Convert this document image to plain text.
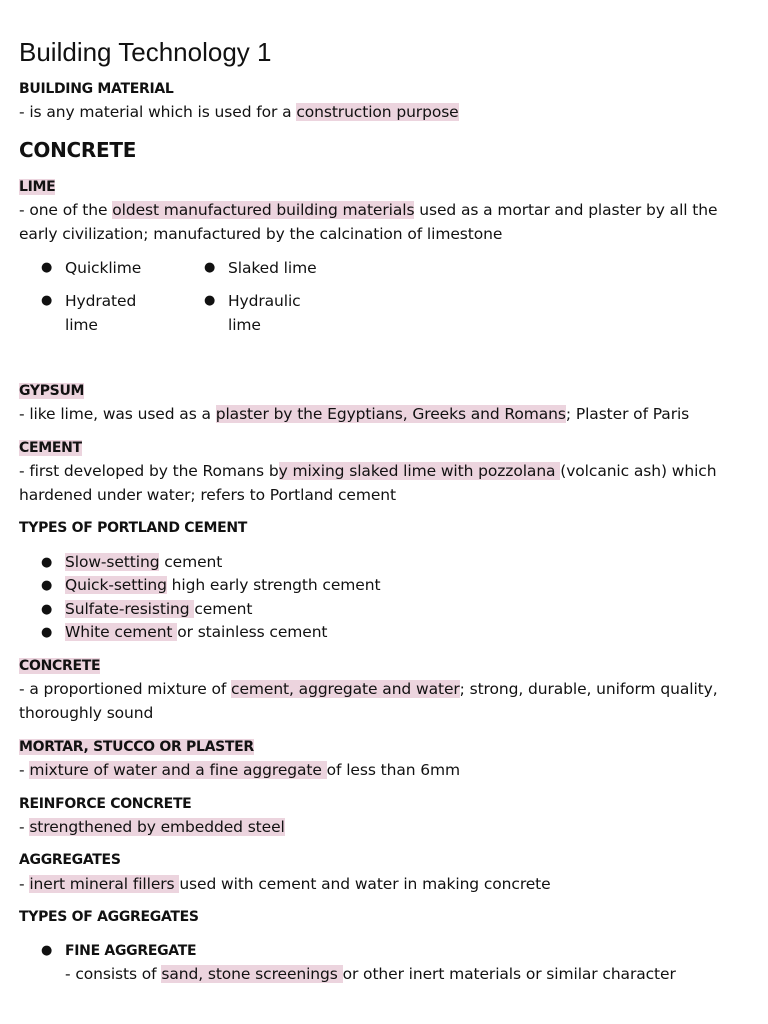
Building Technology 1
BUILDING MATERIAL
- is any material which is used for a construction purpose
CONCRETE
LIME
- one of the oldest manufactured building materials used as a mortar and plaster by all the early civilization; manufactured by the calcination of limestone
● Quicklime	● Slaked lime
● Hydrated lime
● Hydraulic lime
GYPSUM
- like lime, was used as a plaster by the Egyptians, Greeks and Romans; Plaster of Paris
CEMENT
- first developed by the Romans by mixing slaked lime with pozzolana (volcanic ash) which hardened under water; refers to Portland cement
TYPES OF PORTLAND CEMENT
● Slow-setting cement
● Quick-setting high early strength cement
● Sulfate-resisting cement
● White cement or stainless cement
CONCRETE
- a proportioned mixture of cement, aggregate and water; strong, durable, uniform quality, thoroughly sound
MORTAR, STUCCO OR PLASTER
- mixture of water and a fine aggregate of less than 6mm
REINFORCE CONCRETE
- strengthened by embedded steel
AGGREGATES
- inert mineral fillers used with cement and water in making concrete
TYPES OF AGGREGATES
● FINE AGGREGATE
- consists of sand, stone screenings or other inert materials or similar character
